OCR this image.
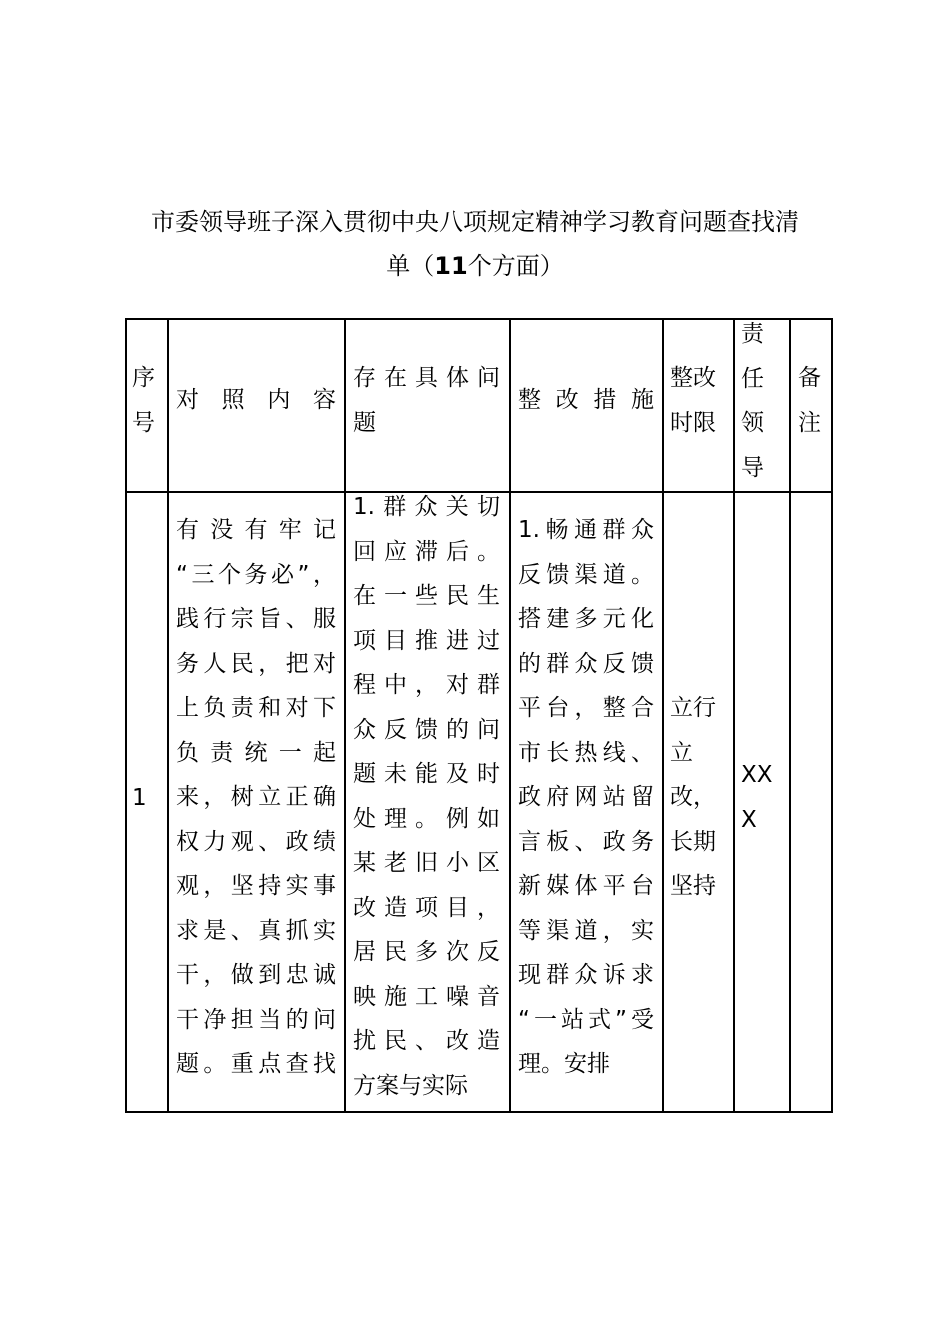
市委领导班子深入贯彻中央八项规定精神学习教育问题查找清
单（11个方面）
序
号
对照内容
存在具体问
题
整改措施
整改
时限
责
任
领
导
备
注
1
有没有牢记
“三个务必”，
践行宗旨、服
务人民，把对
上负责和对下
负责统一起
来，树立正确
权力观、政绩
观，坚持实事
求是、真抓实
干，做到忠诚
干净担当的问
题。重点查找
1.群众关切
回应滞后。
在一些民生
项目推进过
程中，对群
众反馈的问
题未能及时
处理。例如
某老旧小区
改造项目，
居民多次反
映施工噪音
扰民、改造
方案与实际
1.畅通群众
反馈渠道。
搭建多元化
的群众反馈
平台，整合
市长热线、
政府网站留
言板、政务
新媒体平台
等渠道，实
现群众诉求
“一站式”受
理。安排
立行
立
改，
长期
坚持
XX
X
